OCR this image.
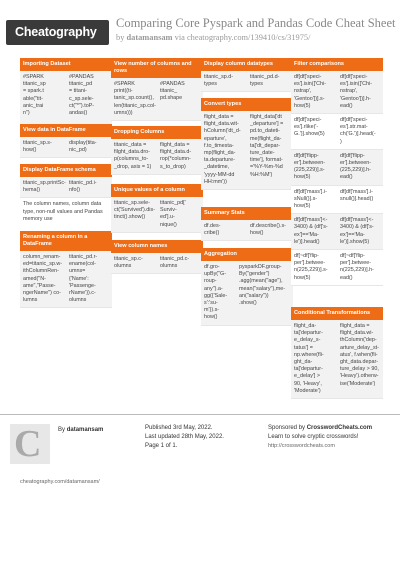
Cheatography
Comparing Core Pyspark and Pandas Code Cheat Sheet
by datamansam via cheatography.com/139410/cs/31975/
Importing Dataset
#SPARK
titanic_sp
= spark.t
able("tit-
anic_trai
n")
#PANDAS
titanic_pd
= titani-
c_sp.sele-
ct("*").toP-
andas()
View data in DataFrame
titanic_sp.s-
how()
display(tita-
nic_pd)
Display DataFrame schema
titanic_sp.printSc-
hema()
titanic_pd.i-
nfo()
The column names, column data type, non-null values and Pandas memory use
Renaming a column in a DataFrame
column_renam-
ed=titanic_sp.w-
ithColumnRen-
amed("N-
ame","Passe-
ngerName") co-
lumns
titanic_pd.r-
ename(col-
umns=
{'Name':
'Passenge-
rName'}).c-
olumns
View number of columns and rows
#SPARK print((ti-
tanic_sp.count(),
len(titanic_sp.col-
umns)))
#PANDAS
titanic_
pd.shape
Dropping Columns
titanic_data =
filght_data.dro-
p(columns_to-
_drop, axis = 1)
flight_data =
flight_data.d-
rop(*column-
s_to_drop)
Unique values of a column
titanic_sp.sele-
ct('Survived').dis-
tinct().show()
titanic_pd['
Surviv-
ed'].u-
nique()
View column names
titanic_sp.c-
olumns
titanic_pd.c-
olumns
Display column datatypes
titanic_sp.d-
types
titanic_pd.d-
types
Convert types
flight_data =
flight_data.wit-
hColumn('dt_d-
eparture',
f.to_timesta-
mp(flight_da-
ta.departure-
_datetime,
'yyyy-MM-dd
HH:mm'))
flight_data['dt
_departure'] =
pd.to_dateti-
me(flight_da-
ta['dt_depar-
ture_date-
time'], format-
='%Y-%m-%d
%H:%M')
Summary Stats
df.des-
cribe()
df.describe().s-
how()
Aggregation
df.gro-
upBy("G-
roup-
any").a-
gg({'Sale-
s':'su-
m'}).s-
how()
pysparkDF.group-
By("gender")
.agg(mean("age"),
mean("salary"),me-
an("salary"))
.show()
Filter comparisons
df[df['speci-
es'].isin(['Chi-
nstrap',
'Gentoo'])].s-
how(5)
df[df['speci-
es'].isin(['Chi-
nstrap',
'Gentoo'])].h-
ead()
df[df['speci-
es'].rlike('-
G.')].show(5)
df[df['speci-
es'].str.mat-
ch('G.')].head(-
)
df[df['flipp-
er'].between-
(225,229)].s-
how(5)
df[df['flipp-
er'].between-
(225,229)].h-
ead()
df[df['mass'].i-
sNull()].s-
how(5)
df[df['mass'].i-
snull()].head()
df[df['mass']<-
3400) & (df['s-
ex']=='Ma-
le')].head()
df[df['mass']<-
3400) & (df['s-
ex']=='Ma-
le')].show(5)
df[~df['flip-
per'].betwee-
n(225,229)].s-
how(5)
df[~df['flip-
per'].betwee-
n(225,229)].h-
ead()
Conditional Transformations
flight_da-
ta['departur-
e_delay_s-
tatus'] =
np.where(fli-
ght_da-
ta['departur-
e_delay'] >
90, 'Heavy',
'Moderate')
flight_data =
flight_data.wi-
thColumn('dep-
arture_delay_st-
atus', f.when(fli-
ght_data.depar-
ture_delay > 90,
'Heavy').otherw-
ise('Moderate')
C	By datamansam
cheatography.com/datamansam/
Published 3rd May, 2022.
Last updated 28th May, 2022.
Page 1 of 1.
Sponsored by CrosswordCheats.com
Learn to solve cryptic crosswords!
http://crosswordcheats.com
